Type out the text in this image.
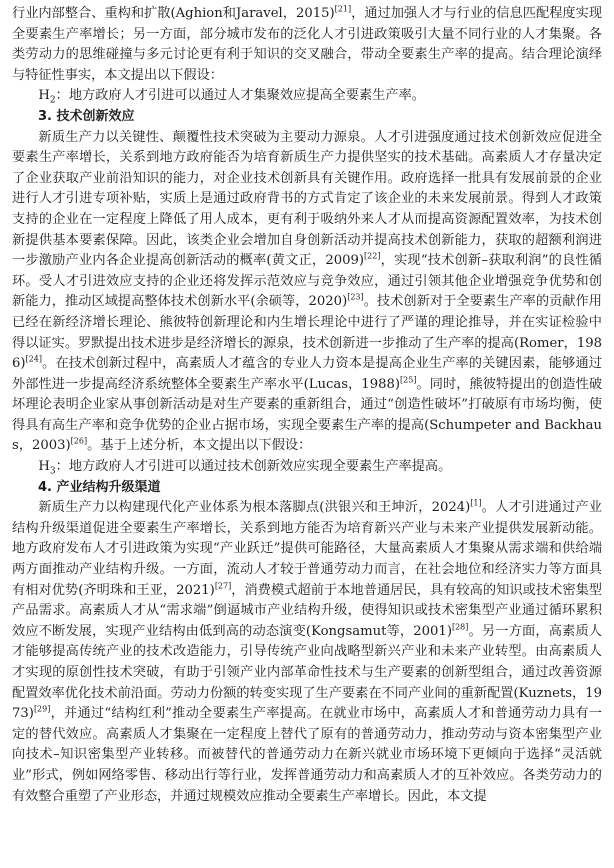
行业内部整合、重构和扩散(Aghion和Jaravel，2015)[21]，通过加强人才与行业的信息匹配程度实现全要素生产率增长；另一方面，部分城市发布的泛化人才引进政策吸引大量不同行业的人才集聚。各类劳动力的思维碰撞与多元讨论更有利于知识的交叉融合，带动全要素生产率的提高。结合理论演绎与特征性事实，本文提出以下假设：

$H_2$：地方政府人才引进可以通过人才集聚效应提高全要素生产率。

3. 技术创新效应

新质生产力以关键性、颠覆性技术突破为主要动力源泉。人才引进强度通过技术创新效应促进全要素生产率增长，关系到地方政府能否为培育新质生产力提供坚实的技术基础。高素质人才存量决定了企业获取产业前沿知识的能力，对企业技术创新具有关键作用。政府选择一批具有发展前景的企业进行人才引进专项补贴，实质上是通过政府背书的方式肯定了该企业的未来发展前景。得到人才政策支持的企业在一定程度上降低了用人成本，更有利于吸纳外来人才从而提高资源配置效率，为技术创新提供基本要素保障。因此，该类企业会增加自身创新活动并提高技术创新能力，获取的超额利润进一步激励产业内各企业提高创新活动的概率(黄文正，2009)[22]，实现“技术创新–获取利润”的良性循环。受人才引进效应支持的企业还将发挥示范效应与竞争效应，通过引领其他企业增强竞争优势和创新能力，推动区域提高整体技术创新水平(余硕等，2020)[23]。技术创新对于全要素生产率的贡献作用已经在新经济增长理论、熊彼特创新理论和内生增长理论中进行了严谨的理论推导，并在实证检验中得以证实。罗默提出技术进步是经济增长的源泉，技术创新进一步推动了生产率的提高(Romer，1986)[24]。在技术创新过程中，高素质人才蕴含的专业人力资本是提高企业生产率的关键因素，能够通过外部性进一步提高经济系统整体全要素生产率水平(Lucas，1988)[25]。同时，熊彼特提出的创造性破坏理论表明企业家从事创新活动是对生产要素的重新组合，通过“创造性破坏”打破原有市场均衡，使得具有高生产率和竞争优势的企业占据市场，实现全要素生产率的提高(Schumpeter and Backhaus，2003)[26]。基于上述分析，本文提出以下假设：

$H_3$：地方政府人才引进可以通过技术创新效应实现全要素生产率提高。

4. 产业结构升级渠道

新质生产力以构建现代化产业体系为根本落脚点(洪银兴和王坤沂，2024)[1]。人才引进通过产业结构升级渠道促进全要素生产率增长，关系到地方能否为培育新兴产业与未来产业提供发展新动能。地方政府发布人才引进政策为实现“产业跃迁”提供可能路径，大量高素质人才集聚从需求端和供给端两方面推动产业结构升级。一方面，流动人才较于普通劳动力而言，在社会地位和经济实力等方面具有相对优势(齐明珠和王亚，2021)[27]，消费模式超前于本地普通居民，具有较高的知识或技术密集型产品需求。高素质人才从“需求端”倒逼城市产业结构升级，使得知识或技术密集型产业通过循环累积效应不断发展，实现产业结构由低到高的动态演变(Kongsamut等，2001)[28]。另一方面，高素质人才能够提高传统产业的技术改造能力，引导传统产业向战略型新兴产业和未来产业转型。由高素质人才实现的原创性技术突破，有助于引领产业内部革命性技术与生产要素的创新型组合，通过改善资源配置效率优化技术前沿面。劳动力份额的转变实现了生产要素在不同产业间的重新配置(Kuznets，1973)[29]，并通过“结构红利”推动全要素生产率提高。在就业市场中，高素质人才和普通劳动力具有一定的替代效应。高素质人才集聚在一定程度上替代了原有的普通劳动力，推动劳动与资本密集型产业向技术–知识密集型产业转移。而被替代的普通劳动力在新兴就业市场环境下更倾向于选择“灵活就业”形式，例如网络零售、移动出行等行业，发挥普通劳动力和高素质人才的互补效应。各类劳动力的有效整合重塑了产业形态，并通过规模效应推动全要素生产率增长。因此，本文提
